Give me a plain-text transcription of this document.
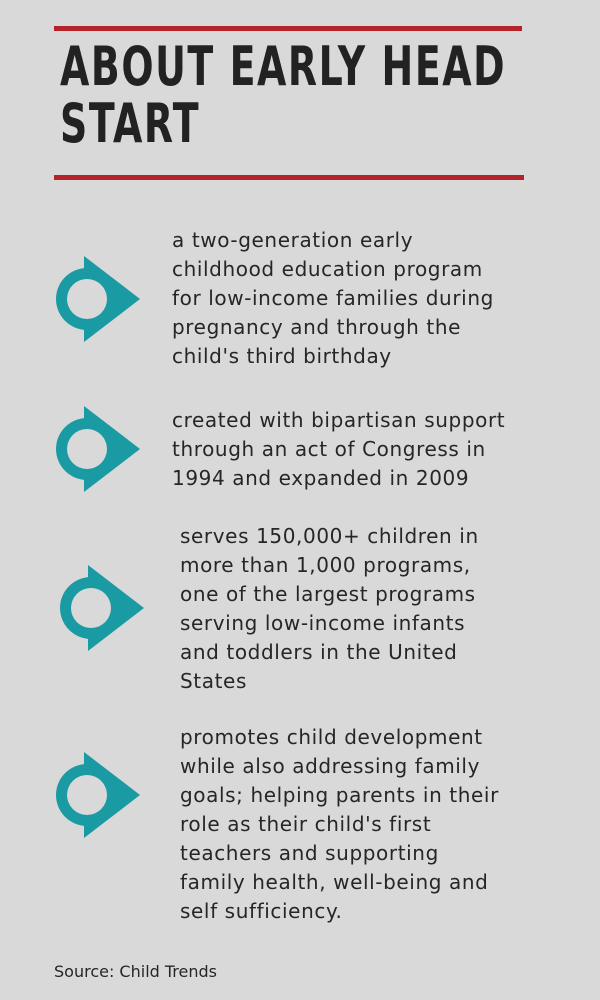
ABOUT EARLY HEAD START

a two-generation early
childhood education program
for low-income families during
pregnancy and through the
child's third birthday

created with bipartisan support
through an act of Congress in
1994 and expanded in 2009

serves 150,000+ children in
more than 1,000 programs,
one of the largest programs
serving low-income infants
and toddlers in the United
States

promotes child development
while also addressing family
goals; helping parents in their
role as their child's first
teachers and supporting
family health, well-being and
self sufficiency.

Source: Child Trends
